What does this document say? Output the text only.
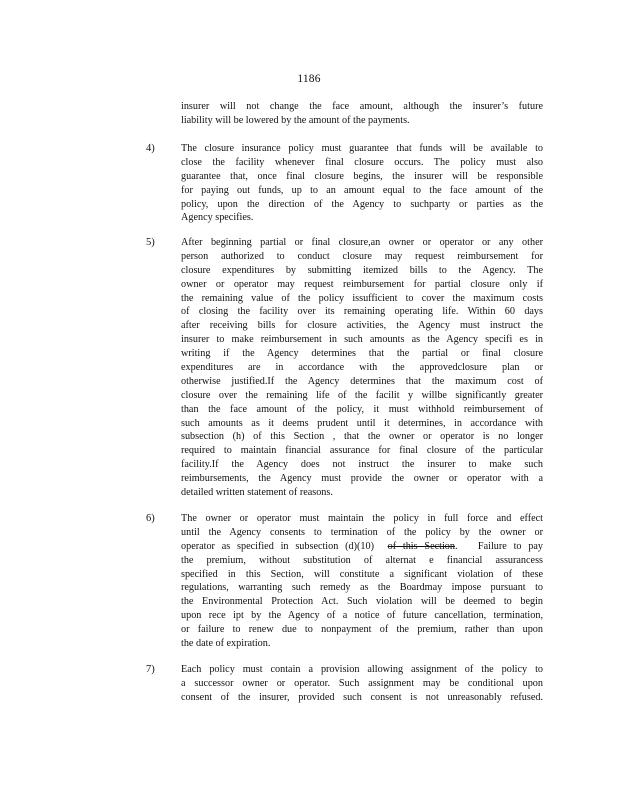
1186
insurer will not change the face amount, although the insurer’s future
liability will be lowered by the amount of the payments.
4)	The closure insurance policy must guarantee that funds will be available to
close the facility whenever final closure occurs. The policy must also
guarantee that, once final closure begins, the insurer will be responsible
for paying out funds, up to an amount equal to the face amount of the
policy, upon the direction of the Agency to suchparty or parties as the
Agency specifies.
5)	After beginning partial or final closure,an owner or operator or any other
person authorized to conduct closure may request reimbursement for
closure expenditures by submitting itemized bills to the Agency. The
owner or operator may request reimbursement for partial closure only if
the remaining value of the policy issufficient to cover the maximum costs
of closing the facility over its remaining operating life. Within 60 days
after receiving bills for closure activities, the Agency must instruct the
insurer to make reimbursement in such amounts as the Agency specifi es in
writing if the Agency determines that the partial or final closure
expenditures are in accordance with the approvedclosure plan or
otherwise justified.If the Agency determines that the maximum cost of
closure over the remaining life of the facilit y willbe significantly greater
than the face amount of the policy, it must withhold reimbursement of
such amounts as it deems prudent until it determines, in accordance with
subsection (h) of this Section , that the owner or operator is no longer
required to maintain financial assurance for final closure of the particular
facility.If the Agency does not instruct the insurer to make such
reimbursements, the Agency must provide the owner or operator with a
detailed written statement of reasons.
6)	The owner or operator must maintain the policy in full force and effect
until the Agency consents to termination of the policy by the owner or
operator as specified in subsection (d)(10) of this Section.   Failure to pay
the premium, without substitution of alternat e financial assurancess
specified in this Section, will constitute a significant violation of these
regulations, warranting such remedy as the Boardmay impose pursuant to
the Environmental Protection Act. Such violation will be deemed to begin
upon rece ipt by the Agency of a notice of future cancellation, termination,
or failure to renew due to nonpayment of the premium, rather than upon
the date of expiration.
7)	Each policy must contain a provision allowing assignment of the policy to
a successor owner or operator. Such assignment may be conditional upon
consent of the insurer, provided such consent is not unreasonably refused.
